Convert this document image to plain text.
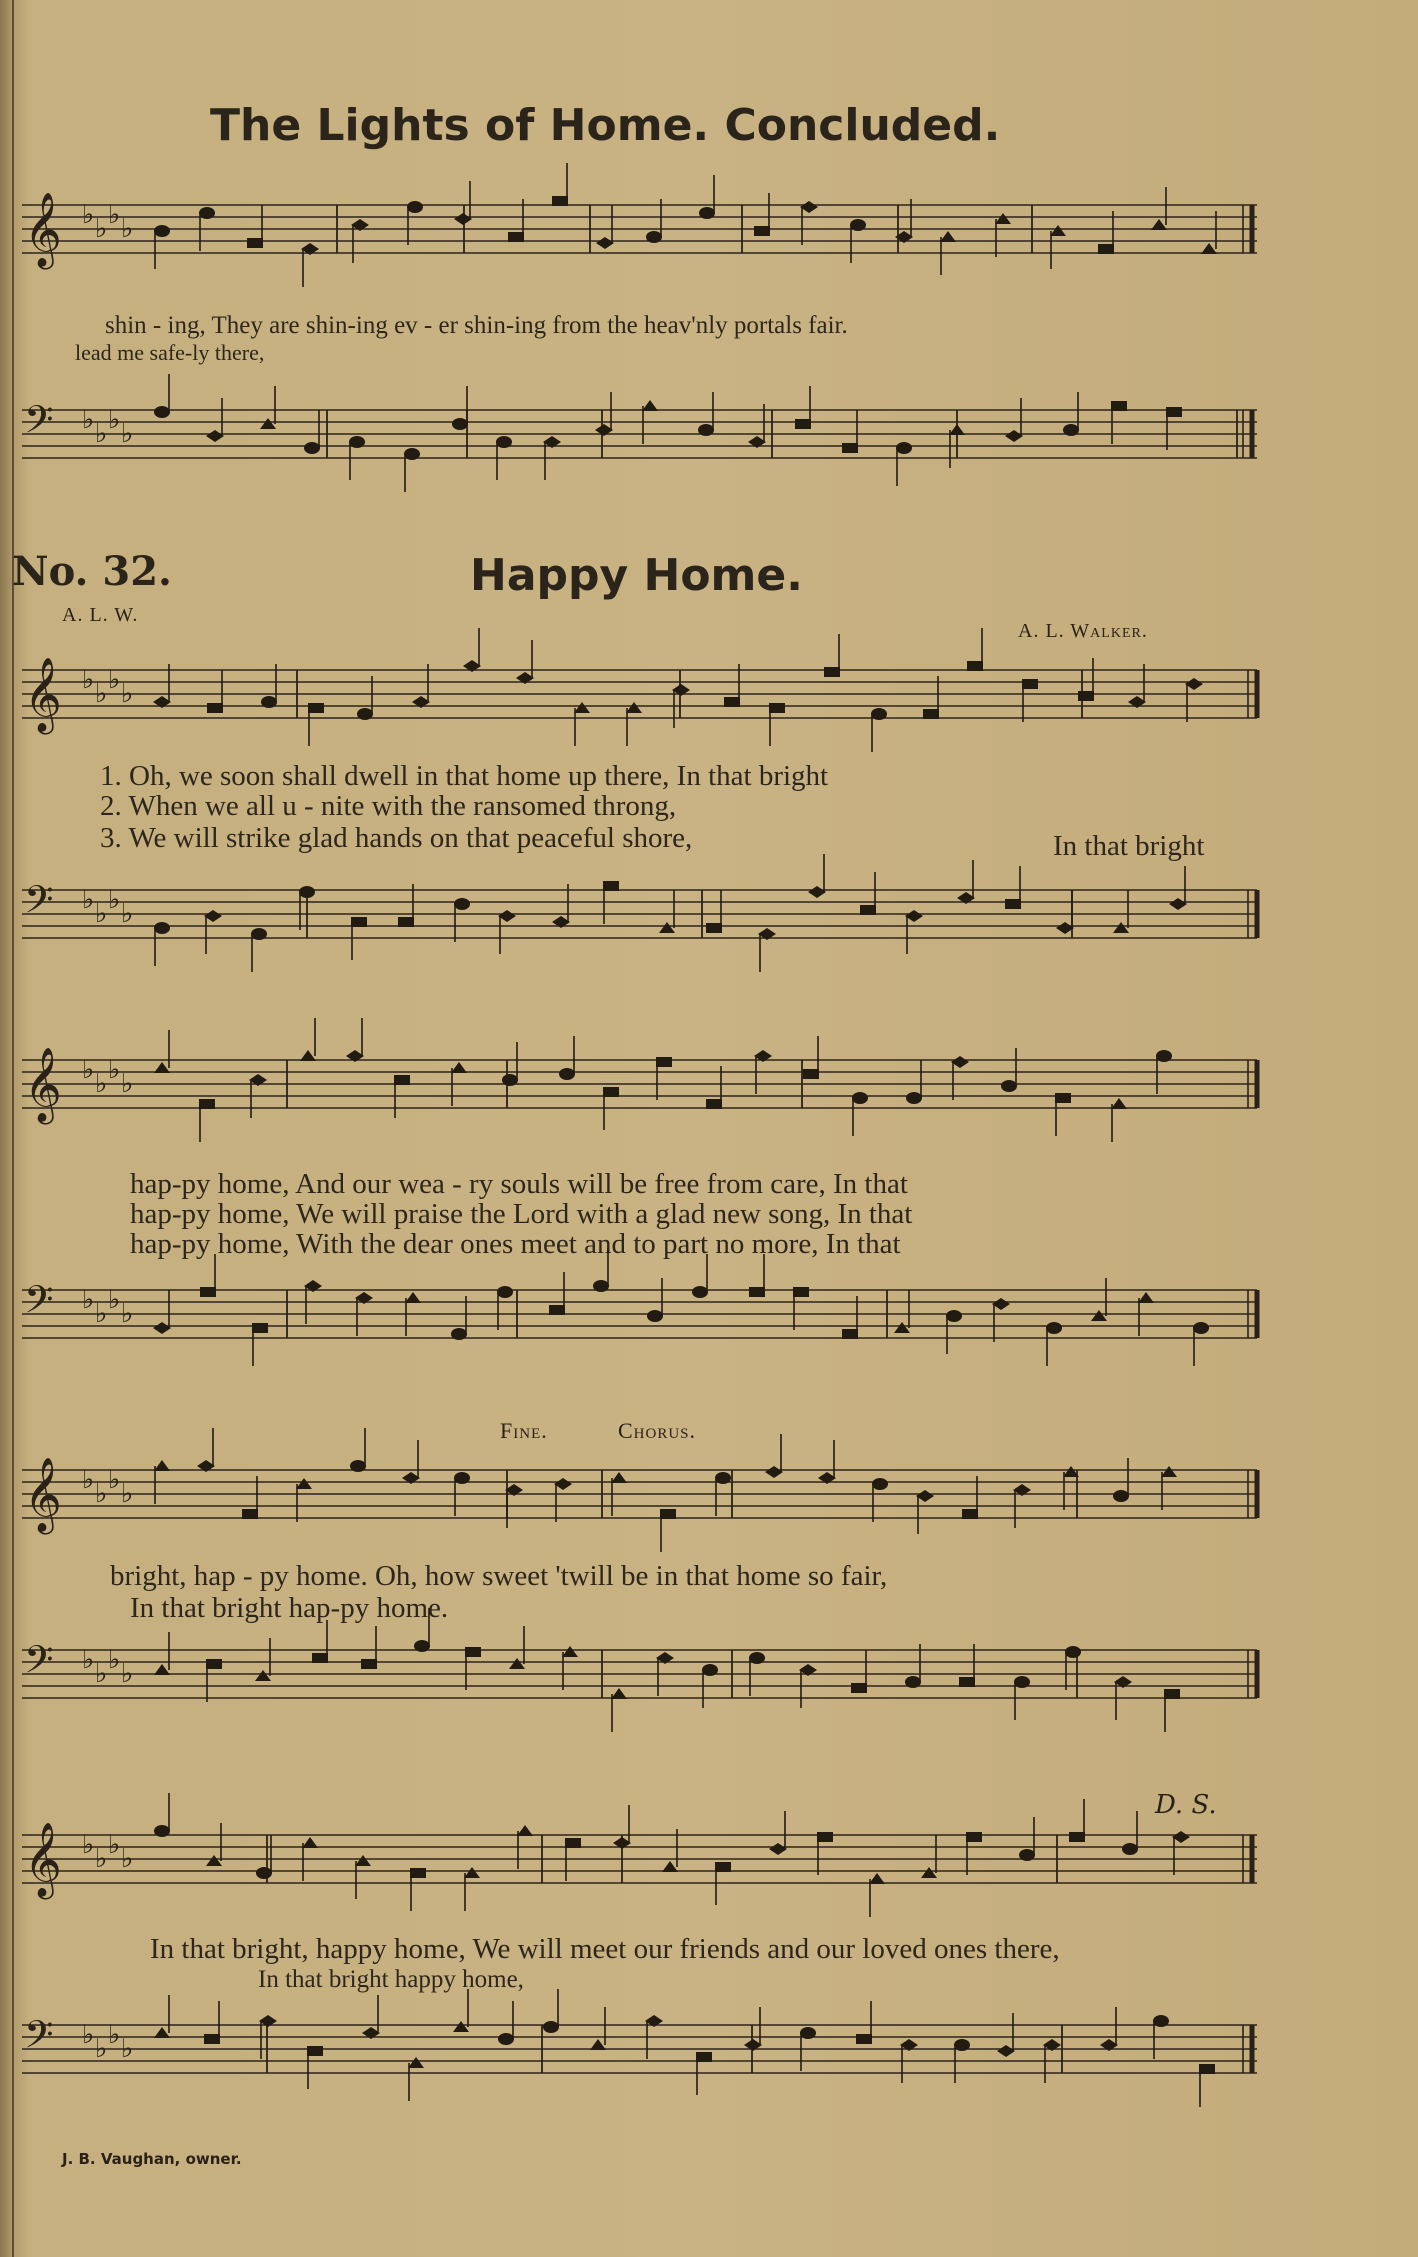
The Lights of Home. Concluded.
𝄞 ♭ ♭ ♭ ♭
shin - ing, They are shin-ing ev - er shin-ing from the heav'nly portals fair.
lead me safe-ly there,
𝄢 ♭ ♭ ♭ ♭
No. 32.	Happy Home.
A. L. W.
A. L. Walker.
𝄞 ♭ ♭ ♭ ♭
1. Oh, we soon shall dwell in that home up there, In that bright
2. When we all u - nite with the ransomed throng,
3. We will strike glad hands on that peaceful shore,	In that bright
𝄢 ♭ ♭ ♭ ♭
𝄞 ♭ ♭ ♭ ♭
hap-py home, And our wea - ry souls will be free from care, In that
hap-py home, We will praise the Lord with a glad new song, In that
hap-py home, With the dear ones meet and to part no more, In that
𝄢 ♭ ♭ ♭ ♭
Fine.	Chorus.
𝄞 ♭ ♭ ♭ ♭
bright, hap - py home. Oh, how sweet 'twill be in that home so fair,
In that bright hap-py home.
𝄢 ♭ ♭ ♭ ♭
D. S.
𝄞 ♭ ♭ ♭ ♭
In that bright, happy home, We will meet our friends and our loved ones there,
In that bright happy home,
𝄢 ♭ ♭ ♭ ♭
J. B. Vaughan, owner.
